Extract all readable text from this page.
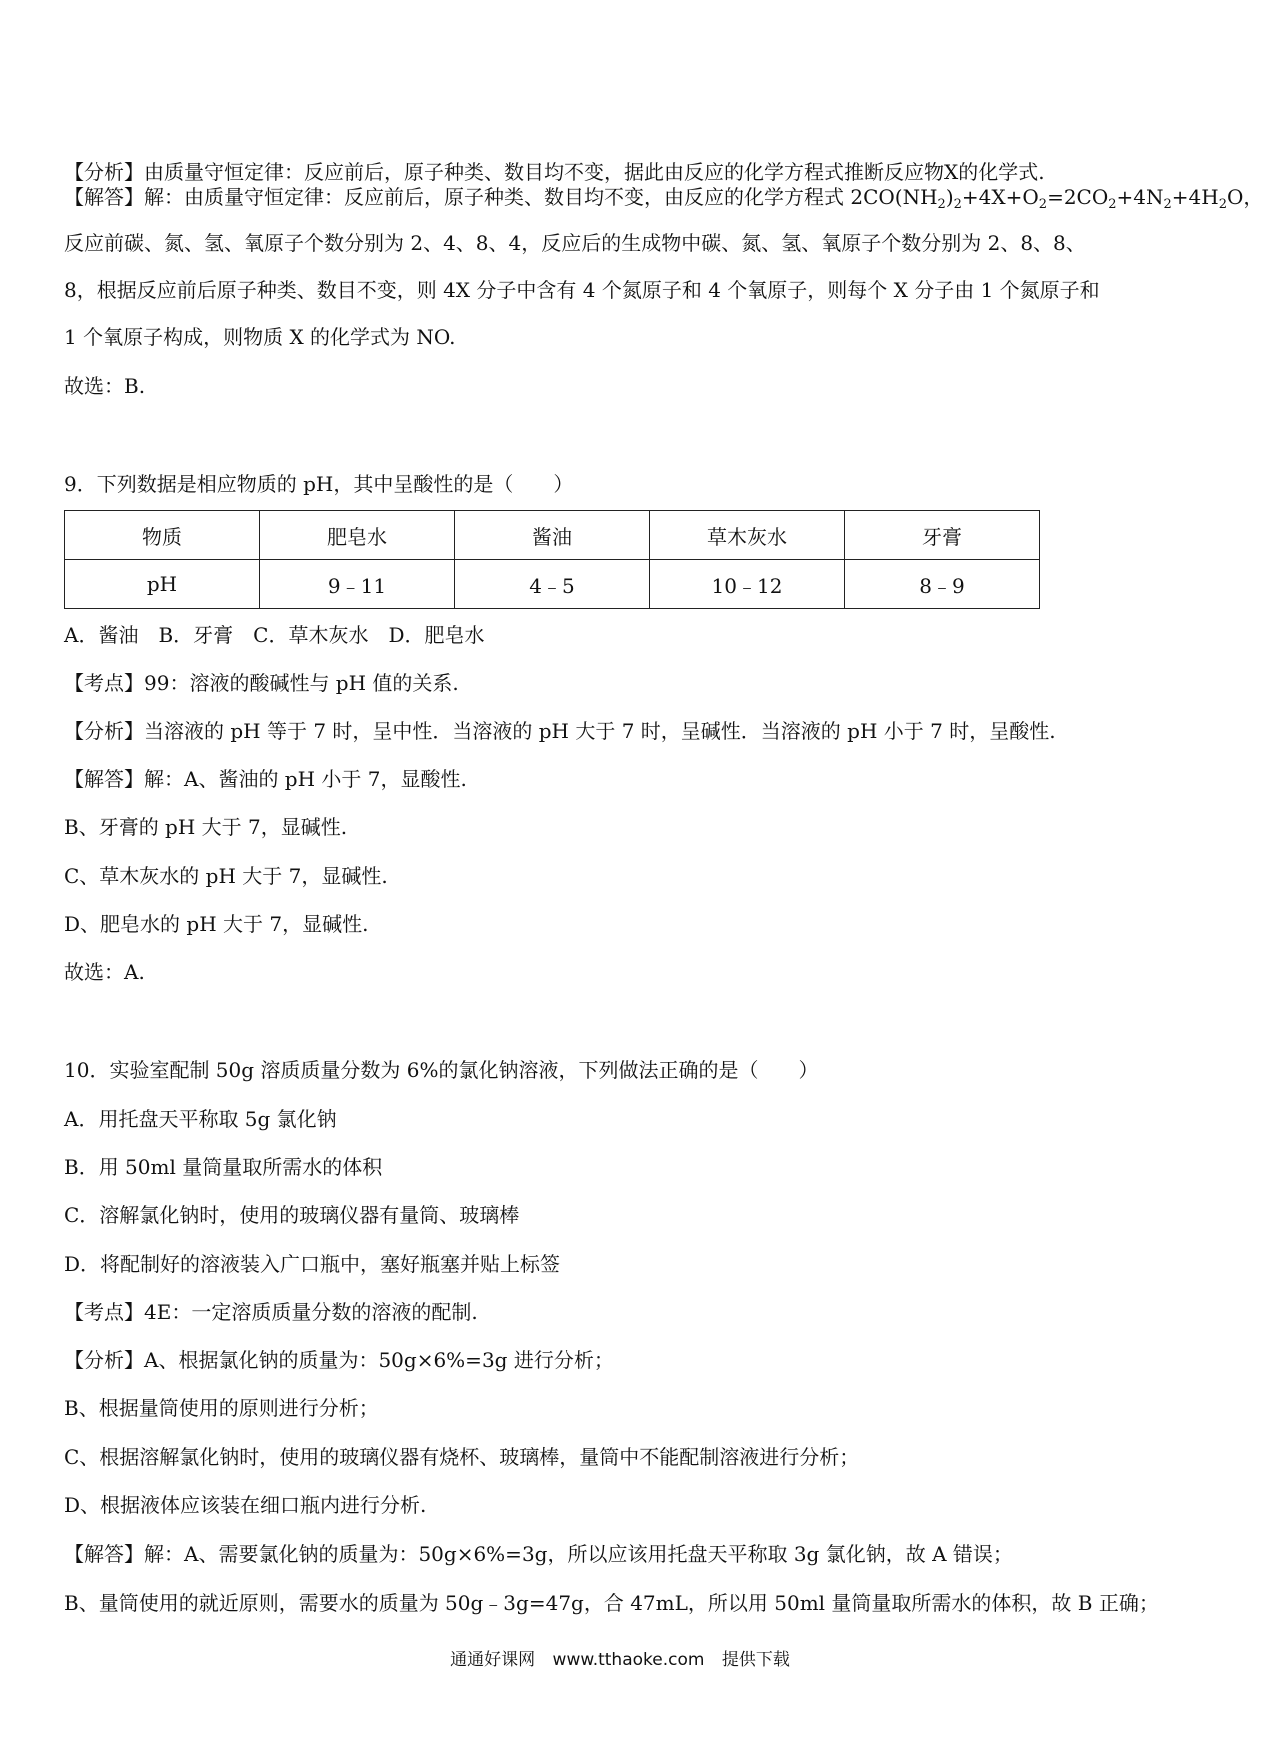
【分析】由质量守恒定律：反应前后，原子种类、数目均不变，据此由反应的化学方程式推断反应物X的化学式.
【解答】解：由质量守恒定律：反应前后，原子种类、数目均不变，由反应的化学方程式 $2CO(NH_2)_2+4X+O_2=2CO_2+4N_2+4H_2O$，
反应前碳、氮、氢、氧原子个数分别为 2、4、8、4，反应后的生成物中碳、氮、氢、氧原子个数分别为 2、8、8、
8，根据反应前后原子种类、数目不变，则 4X 分子中含有 4 个氮原子和 4 个氧原子，则每个 X 分子由 1 个氮原子和
1 个氧原子构成，则物质 X 的化学式为 NO.
故选：B.
9．下列数据是相应物质的 pH，其中呈酸性的是（　　）
物质	肥皂水	酱油	草木灰水	牙膏
pH	9﹣11	4﹣5	10﹣12	8﹣9
A．酱油　B．牙膏　C．草木灰水　D．肥皂水
【考点】99：溶液的酸碱性与 pH 值的关系.
【分析】当溶液的 pH 等于 7 时，呈中性．当溶液的 pH 大于 7 时，呈碱性．当溶液的 pH 小于 7 时，呈酸性.
【解答】解：A、酱油的 pH 小于 7，显酸性.
B、牙膏的 pH 大于 7，显碱性.
C、草木灰水的 pH 大于 7，显碱性.
D、肥皂水的 pH 大于 7，显碱性.
故选：A.
10．实验室配制 50g 溶质质量分数为 6%的氯化钠溶液，下列做法正确的是（　　）
A．用托盘天平称取 5g 氯化钠
B．用 50ml 量筒量取所需水的体积
C．溶解氯化钠时，使用的玻璃仪器有量筒、玻璃棒
D．将配制好的溶液装入广口瓶中，塞好瓶塞并贴上标签
【考点】4E：一定溶质质量分数的溶液的配制.
【分析】A、根据氯化钠的质量为：50g×6%=3g 进行分析；
B、根据量筒使用的原则进行分析；
C、根据溶解氯化钠时，使用的玻璃仪器有烧杯、玻璃棒，量筒中不能配制溶液进行分析；
D、根据液体应该装在细口瓶内进行分析.
【解答】解：A、需要氯化钠的质量为：50g×6%=3g，所以应该用托盘天平称取 3g 氯化钠，故 A 错误；
B、量筒使用的就近原则，需要水的质量为 50g﹣3g=47g，合 47mL，所以用 50ml 量筒量取所需水的体积，故 B 正确；
通通好课网 www.tthaoke.com 提供下载
